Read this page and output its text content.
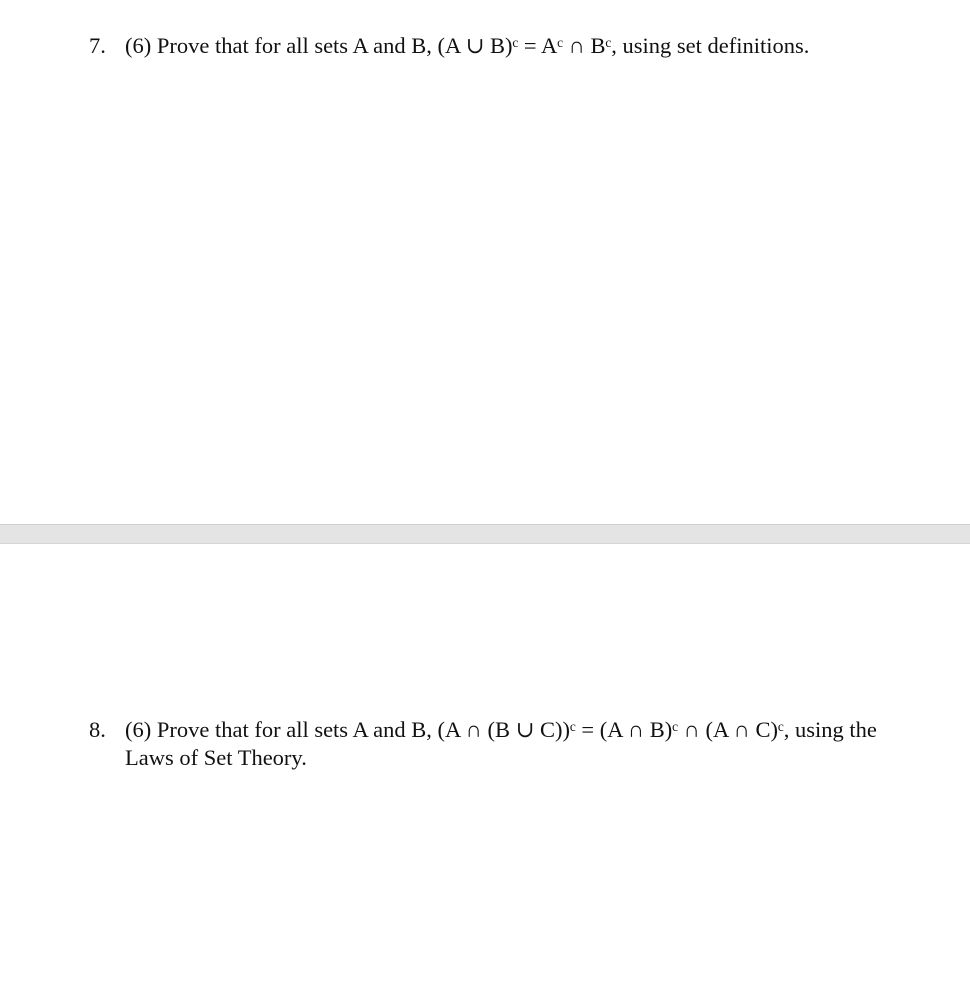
7. (6) Prove that for all sets A and B, (A ∪ B)ᶜ = Aᶜ ∩ Bᶜ, using set definitions.
8. (6) Prove that for all sets A and B, (A ∩ (B ∪ C))ᶜ = (A ∩ B)ᶜ ∩ (A ∩ C)ᶜ, using the Laws of Set Theory.
